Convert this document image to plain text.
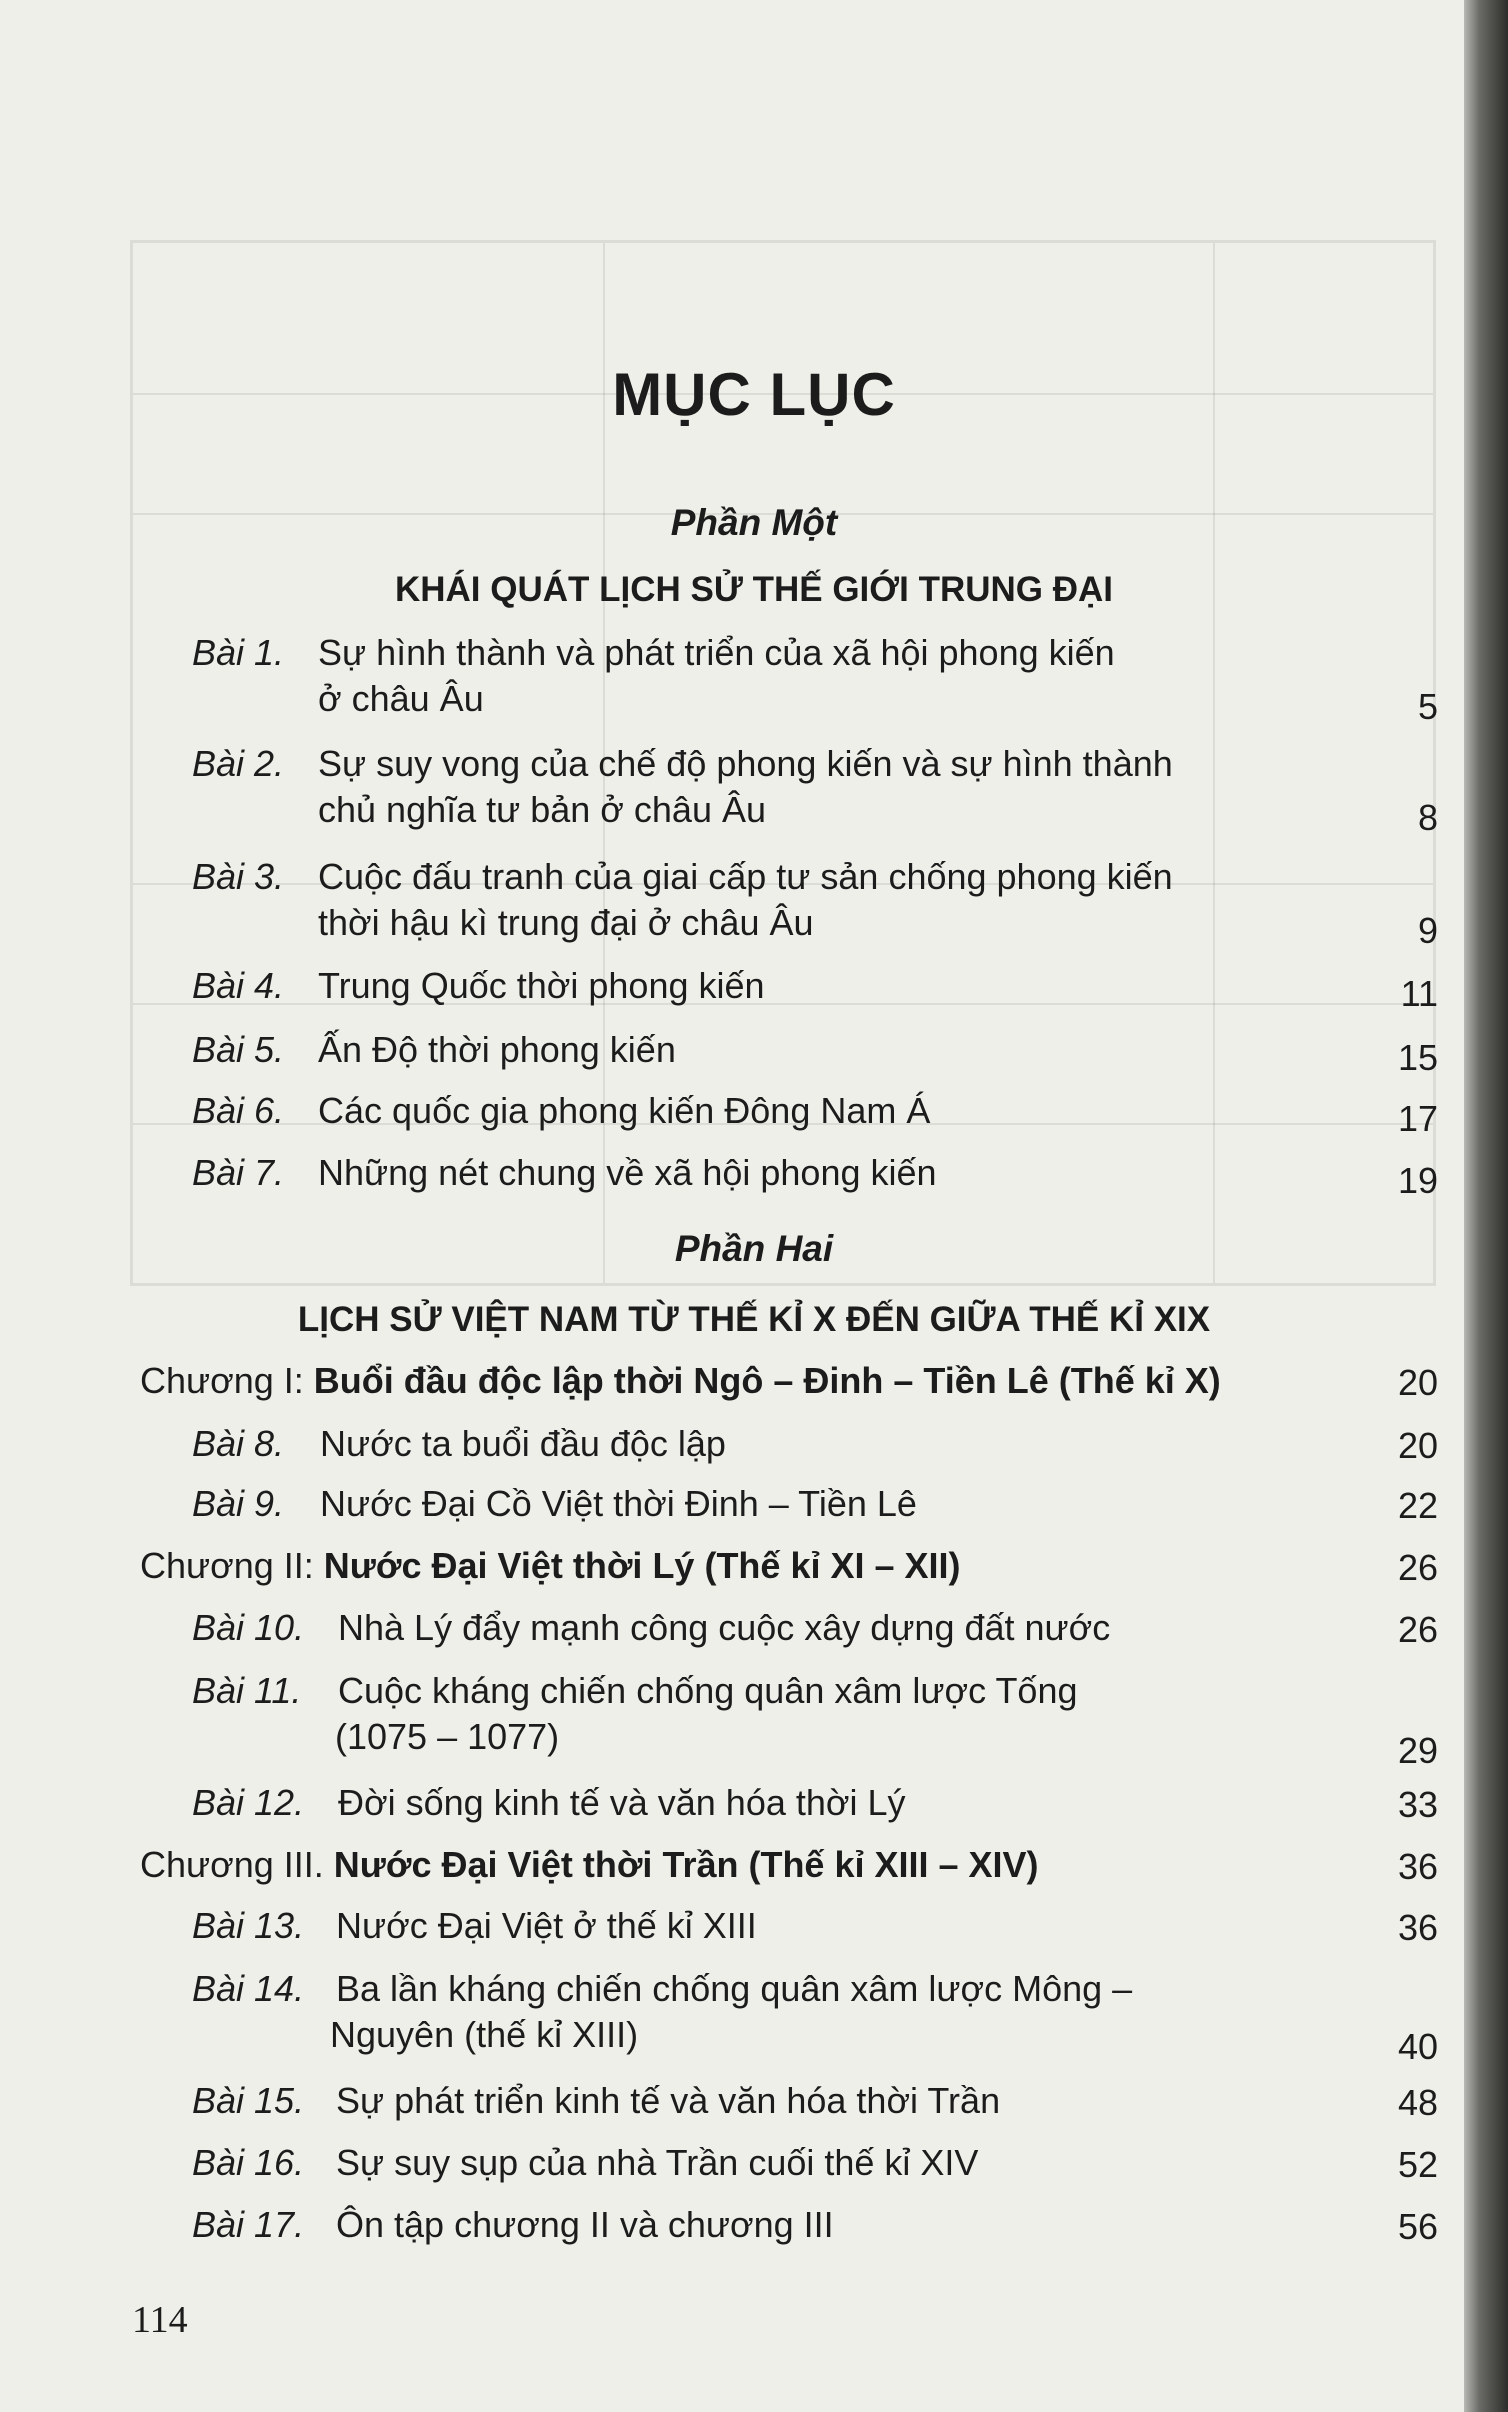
MỤC LỤC
Phần Một
KHÁI QUÁT LỊCH SỬ THẾ GIỚI TRUNG ĐẠI
Bài 1. Sự hình thành và phát triển của xã hội phong kiến
ở châu Âu	5
Bài 2. Sự suy vong của chế độ phong kiến và sự hình thành
chủ nghĩa tư bản ở châu Âu	8
Bài 3. Cuộc đấu tranh của giai cấp tư sản chống phong kiến
thời hậu kì trung đại ở châu Âu	9
Bài 4. Trung Quốc thời phong kiến	11
Bài 5. Ấn Độ thời phong kiến	15
Bài 6. Các quốc gia phong kiến Đông Nam Á	17
Bài 7. Những nét chung về xã hội phong kiến	19
Phần Hai
LỊCH SỬ VIỆT NAM TỪ THẾ KỈ X ĐẾN GIỮA THẾ KỈ XIX
Chương I: Buổi đầu độc lập thời Ngô – Đinh – Tiền Lê (Thế kỉ X)	20
Bài 8. Nước ta buổi đầu độc lập	20
Bài 9. Nước Đại Cồ Việt thời Đinh – Tiền Lê	22
Chương II: Nước Đại Việt thời Lý (Thế kỉ XI – XII)	26
Bài 10. Nhà Lý đẩy mạnh công cuộc xây dựng đất nước	26
Bài 11. Cuộc kháng chiến chống quân xâm lược Tống
(1075 – 1077)	29
Bài 12. Đời sống kinh tế và văn hóa thời Lý	33
Chương III. Nước Đại Việt thời Trần (Thế kỉ XIII – XIV)	36
Bài 13. Nước Đại Việt ở thế kỉ XIII	36
Bài 14. Ba lần kháng chiến chống quân xâm lược Mông –
Nguyên (thế kỉ XIII)	40
Bài 15. Sự phát triển kinh tế và văn hóa thời Trần	48
Bài 16. Sự suy sụp của nhà Trần cuối thế kỉ XIV	52
Bài 17. Ôn tập chương II và chương III	56
114
